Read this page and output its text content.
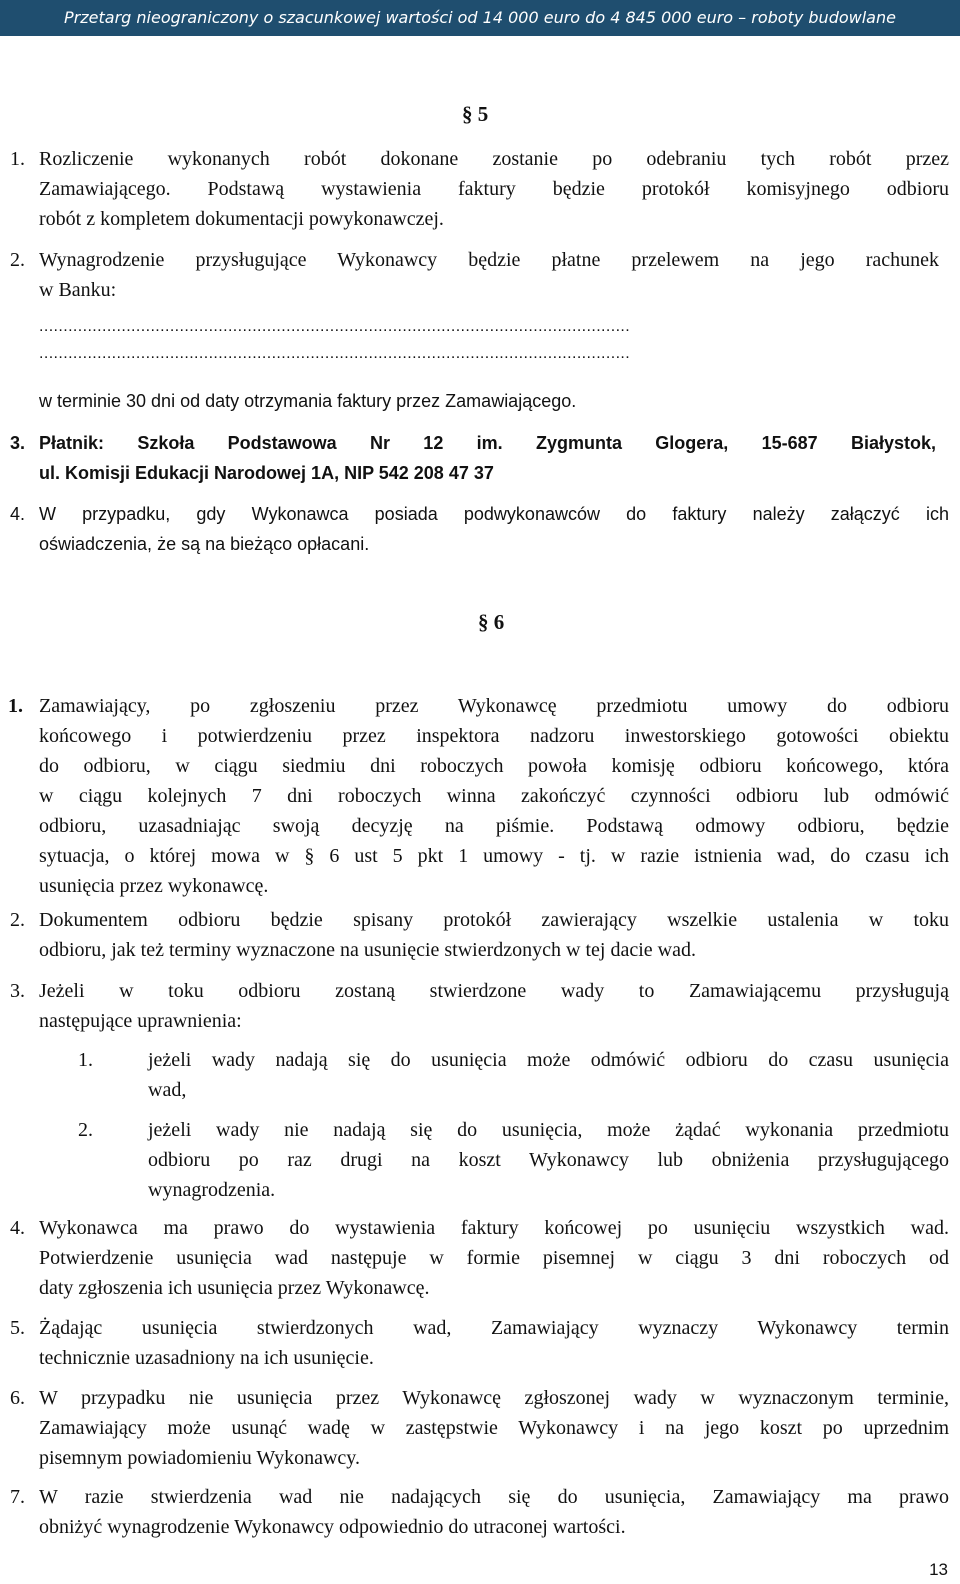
Przetarg nieograniczony o szacunkowej wartości od 14 000 euro do 4 845 000 euro – roboty budowlane
§ 5
1. Rozliczenie wykonanych robót dokonane zostanie po odebraniu tych robót przez
Zamawiającego. Podstawą wystawienia faktury będzie protokół komisyjnego odbioru
robót z kompletem dokumentacji powykonawczej.
2. Wynagrodzenie przysługujące Wykonawcy będzie płatne przelewem na jego rachunek
w Banku:
..........................................................................................................................
..........................................................................................................................
w terminie 30 dni od daty otrzymania faktury przez Zamawiającego.
3. Płatnik: Szkoła Podstawowa Nr 12 im. Zygmunta Glogera, 15-687 Białystok,
ul. Komisji Edukacji Narodowej 1A, NIP 542 208 47 37
4. W przypadku, gdy Wykonawca posiada podwykonawców do faktury należy załączyć ich
oświadczenia, że są na bieżąco opłacani.
§ 6
1. Zamawiający, po zgłoszeniu przez Wykonawcę przedmiotu umowy do odbioru
końcowego i potwierdzeniu przez inspektora nadzoru inwestorskiego gotowości obiektu
do odbioru, w ciągu siedmiu dni roboczych powoła komisję odbioru końcowego, która
w ciągu kolejnych 7 dni roboczych winna zakończyć czynności odbioru lub odmówić
odbioru, uzasadniając swoją decyzję na piśmie. Podstawą odmowy odbioru, będzie
sytuacja, o której mowa w § 6 ust 5 pkt 1 umowy - tj. w razie istnienia wad, do czasu ich
usunięcia przez wykonawcę.
2. Dokumentem odbioru będzie spisany protokół zawierający wszelkie ustalenia w toku
odbioru, jak też terminy wyznaczone na usunięcie stwierdzonych w tej dacie wad.
3. Jeżeli w toku odbioru zostaną stwierdzone wady to Zamawiającemu przysługują
następujące uprawnienia:
1.	jeżeli wady nadają się do usunięcia może odmówić odbioru do czasu usunięcia
wad,
2.	jeżeli wady nie nadają się do usunięcia, może żądać wykonania przedmiotu
odbioru po raz drugi na koszt Wykonawcy lub obniżenia przysługującego
wynagrodzenia.
4. Wykonawca ma prawo do wystawienia faktury końcowej po usunięciu wszystkich wad.
Potwierdzenie usunięcia wad następuje w formie pisemnej w ciągu 3 dni roboczych od
daty zgłoszenia ich usunięcia przez Wykonawcę.
5. Żądając usunięcia stwierdzonych wad, Zamawiający wyznaczy Wykonawcy termin
technicznie uzasadniony na ich usunięcie.
6. W przypadku nie usunięcia przez Wykonawcę zgłoszonej wady w wyznaczonym terminie,
Zamawiający może usunąć wadę w zastępstwie Wykonawcy i na jego koszt po uprzednim
pisemnym powiadomieniu Wykonawcy.
7. W razie stwierdzenia wad nie nadających się do usunięcia, Zamawiający ma prawo
obniżyć wynagrodzenie Wykonawcy odpowiednio do utraconej wartości.
13
